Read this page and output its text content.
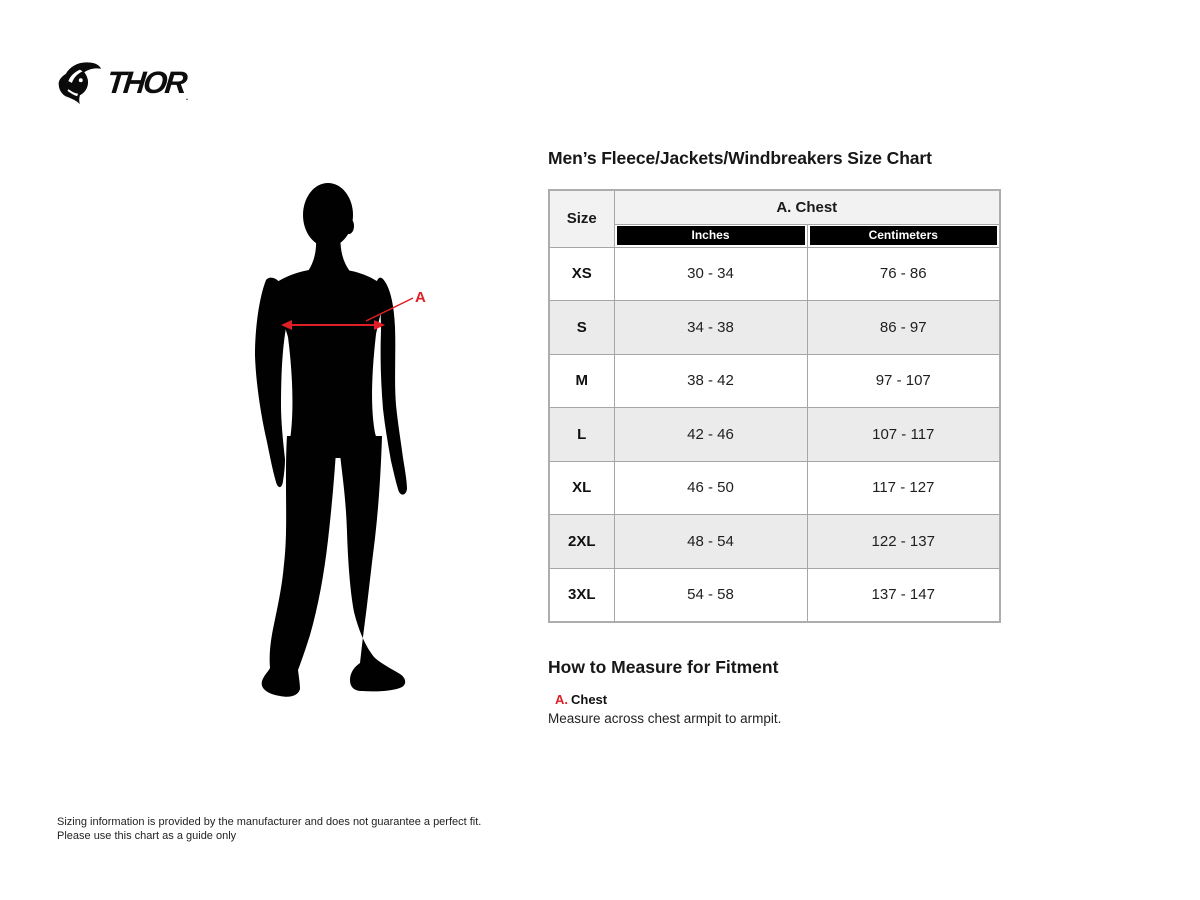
THOR .
Men’s Fleece/Jackets/Windbreakers Size Chart
A
Size	A. Chest	

	Inches	Centimeters

XS	30 - 34	76 - 86
S	34 - 38	86 - 97
M	38 - 42	97 - 107
L	42 - 46	107 - 117
XL	46 - 50	117 - 127
2XL	48 - 54	122 - 137
3XL	54 - 58	137 - 147
How to Measure for Fitment
A. Chest
Measure across chest armpit to armpit.
Sizing information is provided by the manufacturer and does not guarantee a perfect fit.
Please use this chart as a guide only
